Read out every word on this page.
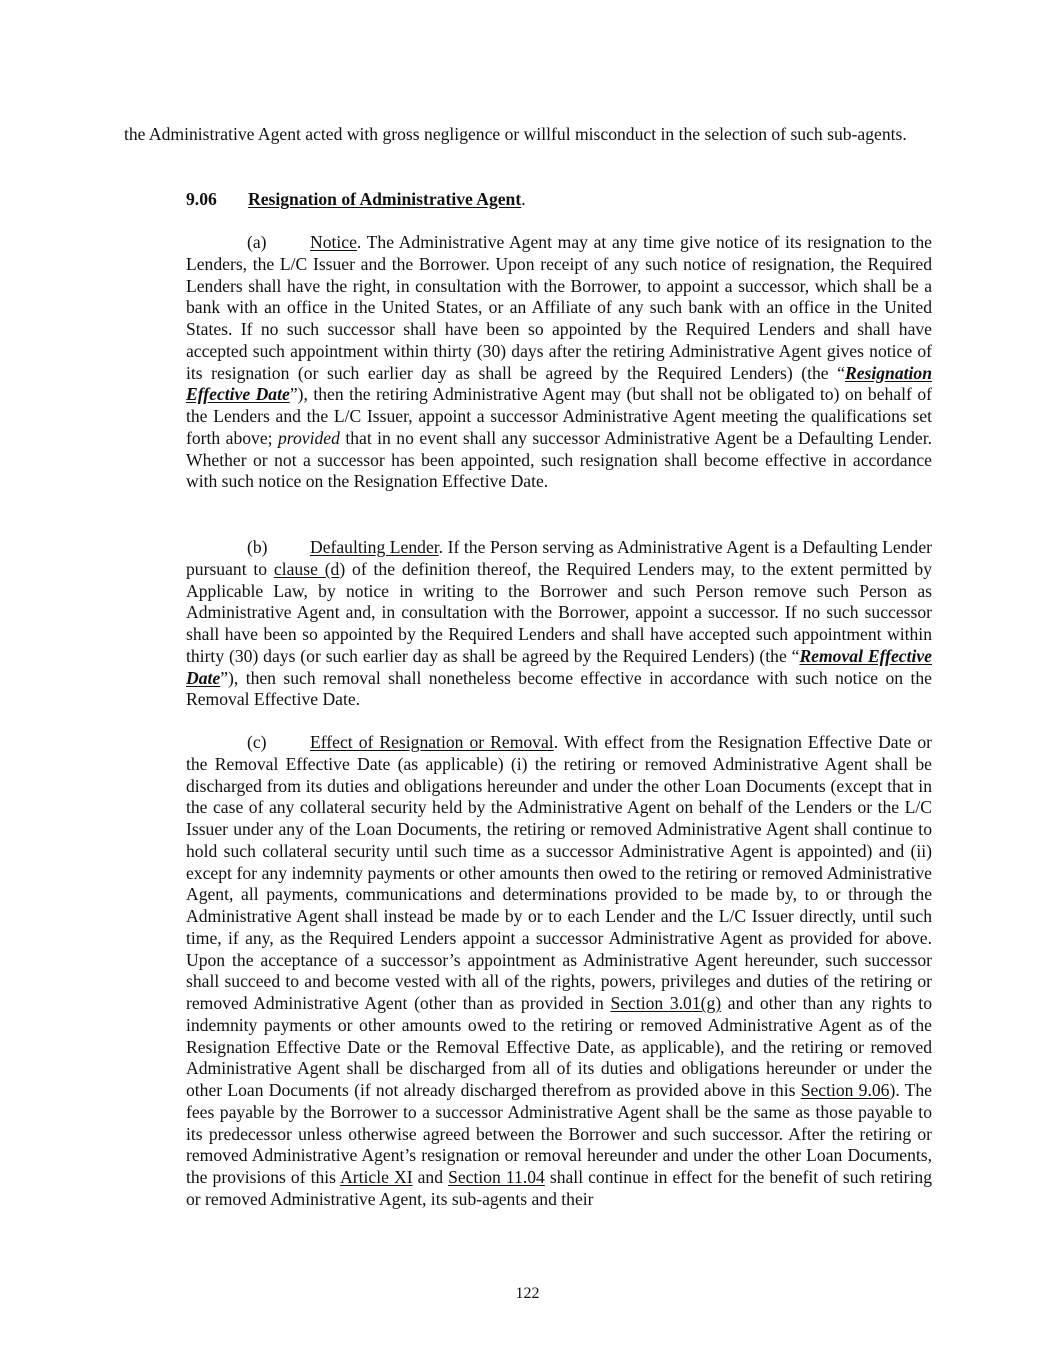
the Administrative Agent acted with gross negligence or willful misconduct in the selection of such sub-agents.

9.06 Resignation of Administrative Agent.

(a) Notice. The Administrative Agent may at any time give notice of its resignation to the Lenders, the L/C Issuer and the Borrower. Upon receipt of any such notice of resignation, the Required Lenders shall have the right, in consultation with the Borrower, to appoint a successor, which shall be a bank with an office in the United States, or an Affiliate of any such bank with an office in the United States. If no such successor shall have been so appointed by the Required Lenders and shall have accepted such appointment within thirty (30) days after the retiring Administrative Agent gives notice of its resignation (or such earlier day as shall be agreed by the Required Lenders) (the “Resignation Effective Date”), then the retiring Administrative Agent may (but shall not be obligated to) on behalf of the Lenders and the L/C Issuer, appoint a successor Administrative Agent meeting the qualifications set forth above; provided that in no event shall any successor Administrative Agent be a Defaulting Lender. Whether or not a successor has been appointed, such resignation shall become effective in accordance with such notice on the Resignation Effective Date.

(b) Defaulting Lender. If the Person serving as Administrative Agent is a Defaulting Lender pursuant to clause (d) of the definition thereof, the Required Lenders may, to the extent permitted by Applicable Law, by notice in writing to the Borrower and such Person remove such Person as Administrative Agent and, in consultation with the Borrower, appoint a successor. If no such successor shall have been so appointed by the Required Lenders and shall have accepted such appointment within thirty (30) days (or such earlier day as shall be agreed by the Required Lenders) (the “Removal Effective Date”), then such removal shall nonetheless become effective in accordance with such notice on the Removal Effective Date.

(c) Effect of Resignation or Removal. With effect from the Resignation Effective Date or the Removal Effective Date (as applicable) (i) the retiring or removed Administrative Agent shall be discharged from its duties and obligations hereunder and under the other Loan Documents (except that in the case of any collateral security held by the Administrative Agent on behalf of the Lenders or the L/C Issuer under any of the Loan Documents, the retiring or removed Administrative Agent shall continue to hold such collateral security until such time as a successor Administrative Agent is appointed) and (ii) except for any indemnity payments or other amounts then owed to the retiring or removed Administrative Agent, all payments, communications and determinations provided to be made by, to or through the Administrative Agent shall instead be made by or to each Lender and the L/C Issuer directly, until such time, if any, as the Required Lenders appoint a successor Administrative Agent as provided for above. Upon the acceptance of a successor’s appointment as Administrative Agent hereunder, such successor shall succeed to and become vested with all of the rights, powers, privileges and duties of the retiring or removed Administrative Agent (other than as provided in Section 3.01(g) and other than any rights to indemnity payments or other amounts owed to the retiring or removed Administrative Agent as of the Resignation Effective Date or the Removal Effective Date, as applicable), and the retiring or removed Administrative Agent shall be discharged from all of its duties and obligations hereunder or under the other Loan Documents (if not already discharged therefrom as provided above in this Section 9.06). The fees payable by the Borrower to a successor Administrative Agent shall be the same as those payable to its predecessor unless otherwise agreed between the Borrower and such successor. After the retiring or removed Administrative Agent’s resignation or removal hereunder and under the other Loan Documents, the provisions of this Article XI and Section 11.04 shall continue in effect for the benefit of such retiring or removed Administrative Agent, its sub-agents and their

122
